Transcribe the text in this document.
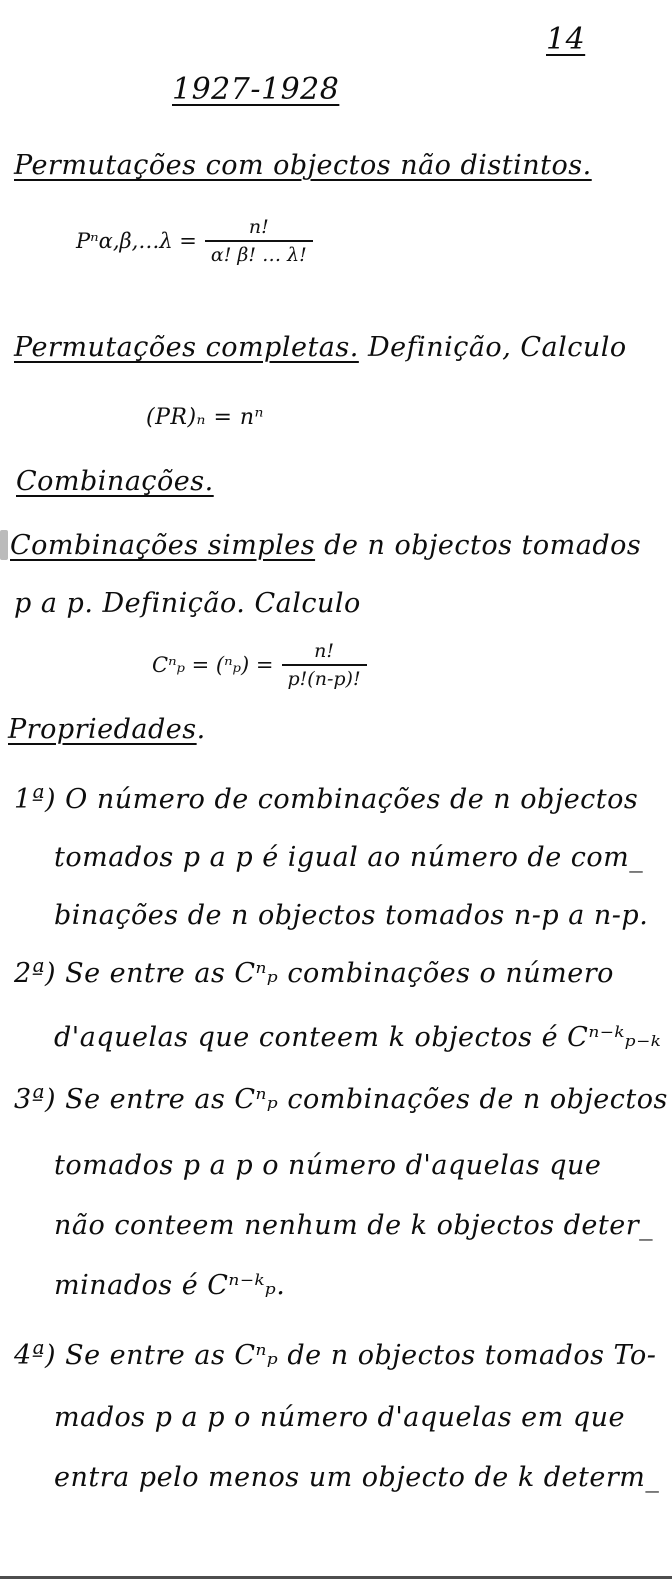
14
1927-1928
Permutações com objectos não distintos.
Pⁿα,β,…λ = $\frac{n!}{\alpha! \beta! \dots \lambda!}$
Permutações completas. Definição, Calculo
(PR)ₙ = nⁿ
Combinações.
Combinações simples de n objectos tomados
p a p. Definição. Calculo
$C^n_p = (^n_p) = \frac{n!}{p!(n-p)!}$
Propriedades.
1ª) O número de combinações de n objectos
tomados p a p é igual ao número de com_
binações de n objectos tomados n-p a n-p.
2ª) Se entre as Cⁿₚ combinações o número
d'aquelas que conteem k objectos é Cⁿ⁻ᵏₚ₋ₖ
3ª) Se entre as Cⁿₚ combinações de n objectos
tomados p a p o número d'aquelas que
não conteem nenhum de k objectos deter_
minados é Cⁿ⁻ᵏₚ.
4ª) Se entre as Cⁿₚ de n objectos tomados To-
mados p a p o número d'aquelas em que
entra pelo menos um objecto de k determ_
